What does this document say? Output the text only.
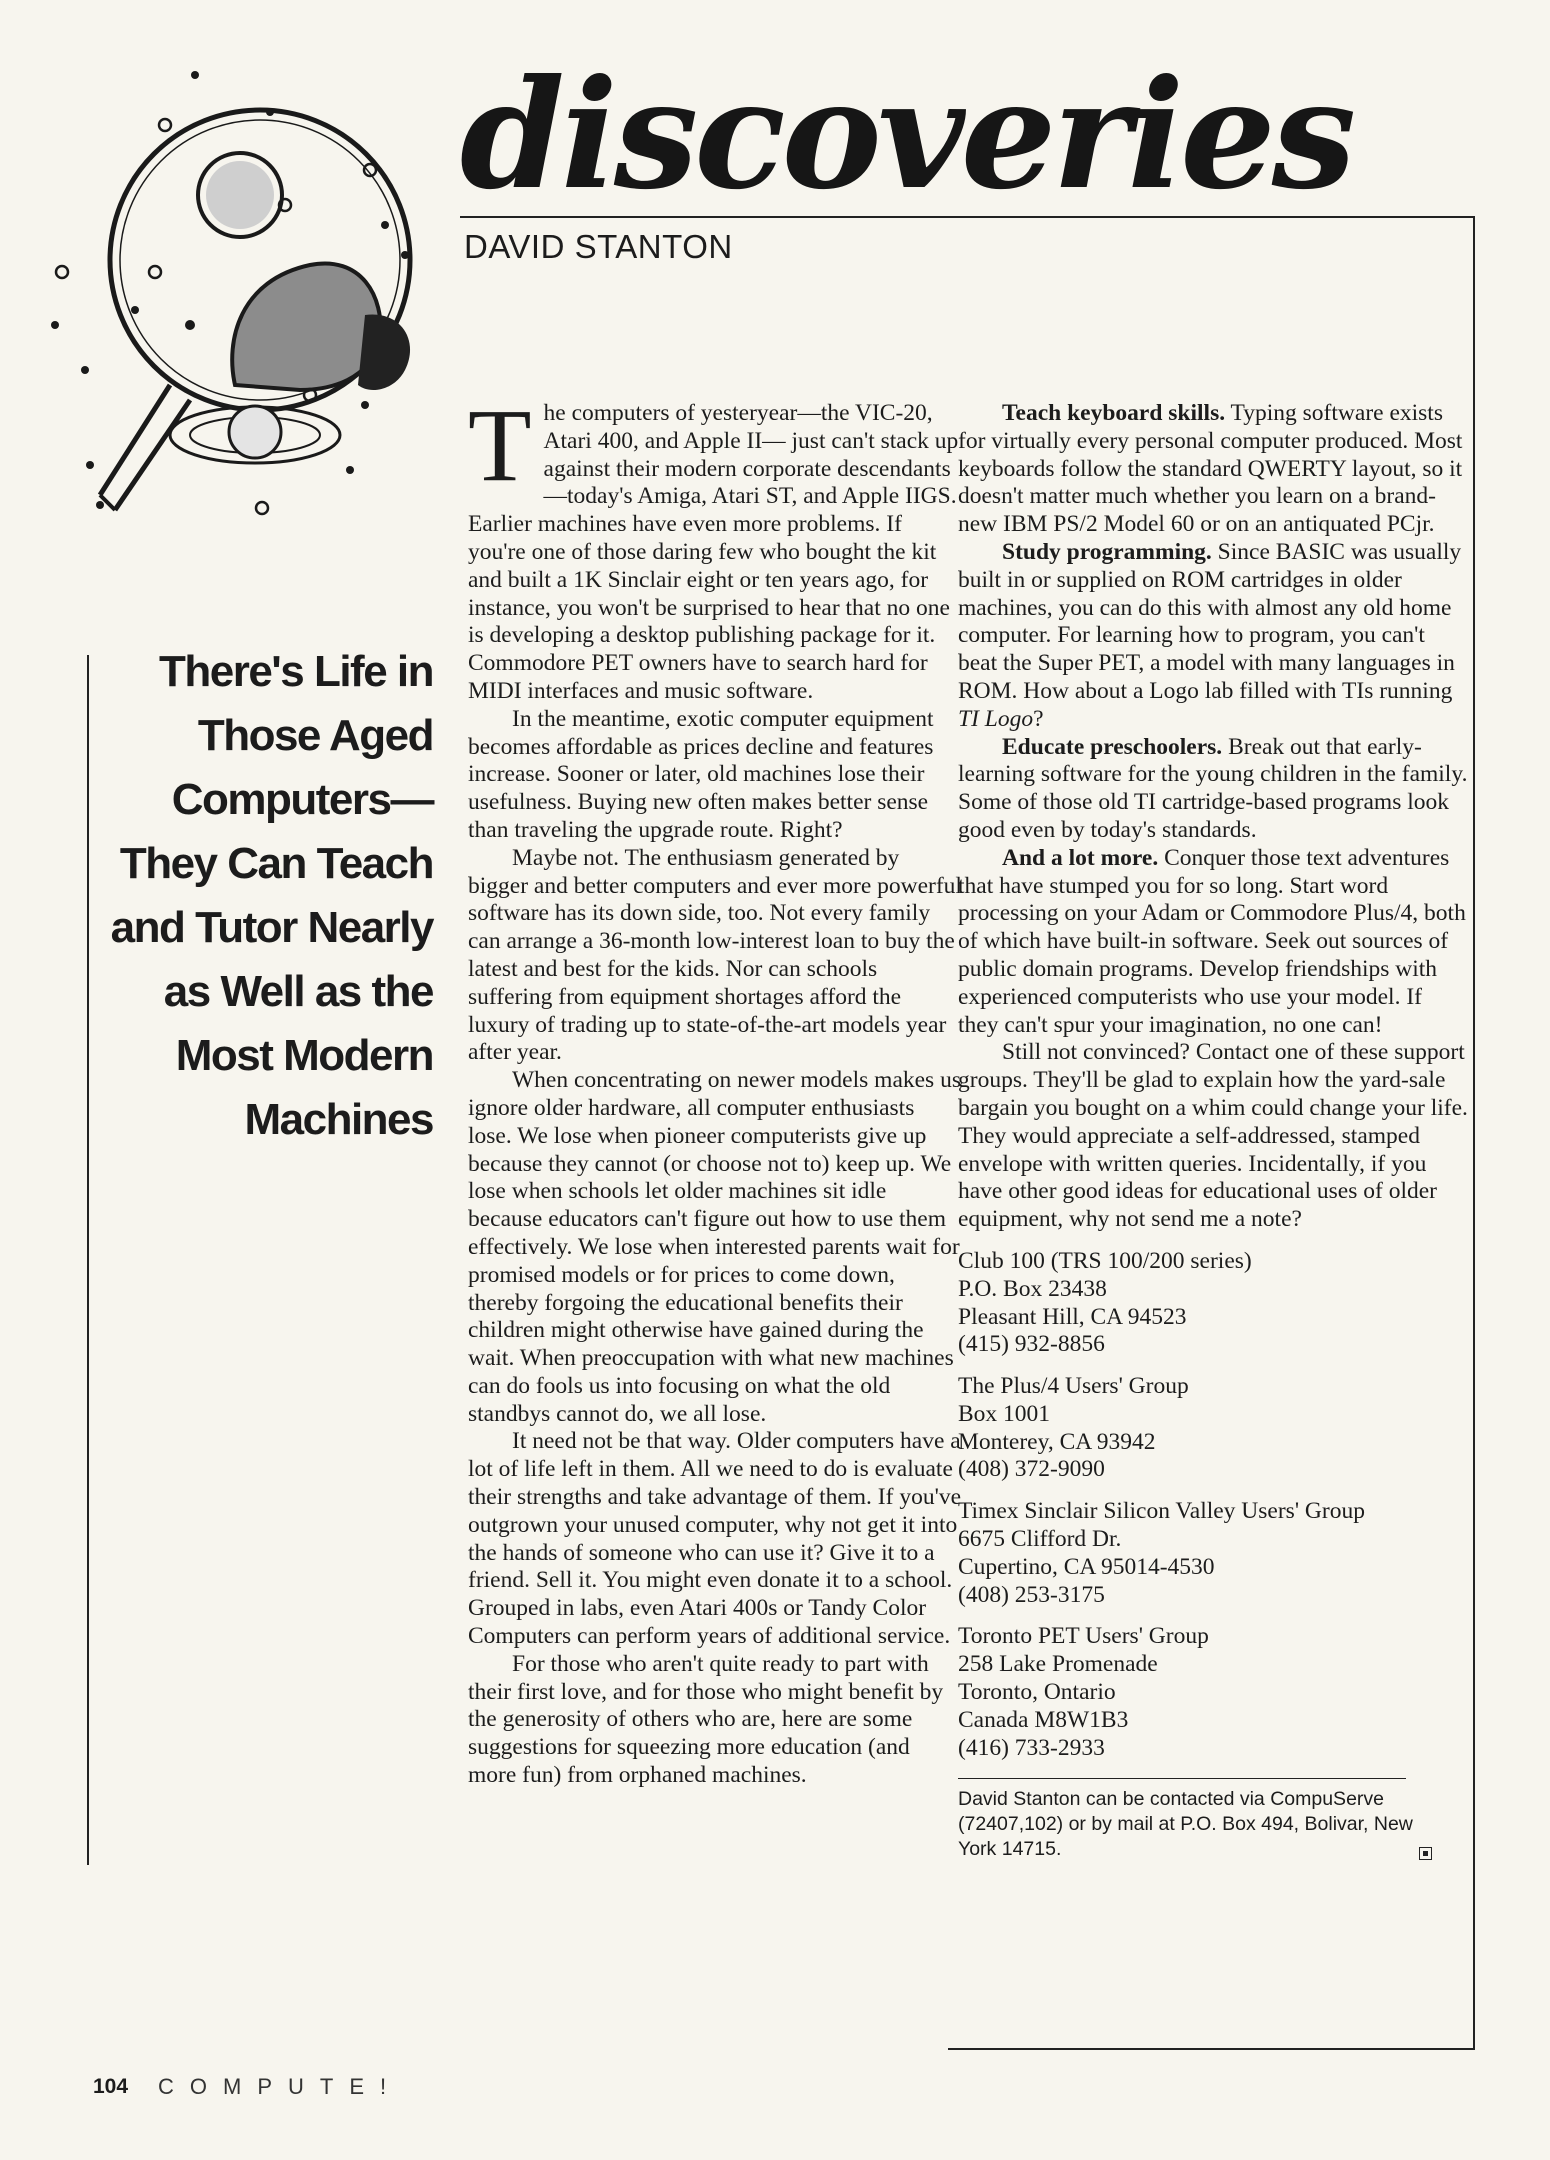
discoveries
DAVID STANTON
There's Life in Those Aged Computers— They Can Teach and Tutor Nearly as Well as the Most Modern Machines

The computers of yesteryear—the VIC-20, Atari 400, and Apple II— just can't stack up against their modern corporate descendants—today's Amiga, Atari ST, and Apple IIGS. Earlier machines have even more problems. If you're one of those daring few who bought the kit and built a 1K Sinclair eight or ten years ago, for instance, you won't be surprised to hear that no one is developing a desktop publishing package for it. Commodore PET owners have to search hard for MIDI interfaces and music software.

In the meantime, exotic computer equipment becomes affordable as prices decline and features increase. Sooner or later, old machines lose their usefulness. Buying new often makes better sense than traveling the upgrade route. Right?

Maybe not. The enthusiasm generated by bigger and better computers and ever more powerful software has its down side, too. Not every family can arrange a 36-month low-interest loan to buy the latest and best for the kids. Nor can schools suffering from equipment shortages afford the luxury of trading up to state-of-the-art models year after year.

When concentrating on newer models makes us ignore older hardware, all computer enthusiasts lose. We lose when pioneer computerists give up because they cannot (or choose not to) keep up. We lose when schools let older machines sit idle because educators can't figure out how to use them effectively. We lose when interested parents wait for promised models or for prices to come down, thereby forgoing the educational benefits their children might otherwise have gained during the wait. When preoccupation with what new machines can do fools us into focusing on what the old standbys cannot do, we all lose.

It need not be that way. Older computers have a lot of life left in them. All we need to do is evaluate their strengths and take advantage of them. If you've outgrown your unused computer, why not get it into the hands of someone who can use it? Give it to a friend. Sell it. You might even donate it to a school. Grouped in labs, even Atari 400s or Tandy Color Computers can perform years of additional service.

For those who aren't quite ready to part with their first love, and for those who might benefit by the generosity of others who are, here are some suggestions for squeezing more education (and more fun) from orphaned machines.

Teach keyboard skills. Typing software exists for virtually every personal computer produced. Most keyboards follow the standard QWERTY layout, so it doesn't matter much whether you learn on a brand-new IBM PS/2 Model 60 or on an antiquated PCjr.

Study programming. Since BASIC was usually built in or supplied on ROM cartridges in older machines, you can do this with almost any old home computer. For learning how to program, you can't beat the Super PET, a model with many languages in ROM. How about a Logo lab filled with TIs running TI Logo?

Educate preschoolers. Break out that early-learning software for the young children in the family. Some of those old TI cartridge-based programs look good even by today's standards.

And a lot more. Conquer those text adventures that have stumped you for so long. Start word processing on your Adam or Commodore Plus/4, both of which have built-in software. Seek out sources of public domain programs. Develop friendships with experienced computerists who use your model. If they can't spur your imagination, no one can!

Still not convinced? Contact one of these support groups. They'll be glad to explain how the yard-sale bargain you bought on a whim could change your life. They would appreciate a self-addressed, stamped envelope with written queries. Incidentally, if you have other good ideas for educational uses of older equipment, why not send me a note?

Club 100 (TRS 100/200 series)
P.O. Box 23438
Pleasant Hill, CA 94523
(415) 932-8856
The Plus/4 Users' Group
Box 1001
Monterey, CA 93942
(408) 372-9090
Timex Sinclair Silicon Valley Users' Group
6675 Clifford Dr.
Cupertino, CA 95014-4530
(408) 253-3175
Toronto PET Users' Group
258 Lake Promenade
Toronto, Ontario
Canada M8W1B3
(416) 733-2933
David Stanton can be contacted via CompuServe (72407,102) or by mail at P.O. Box 494, Bolivar, New York 14715.
104 COMPUTE!
